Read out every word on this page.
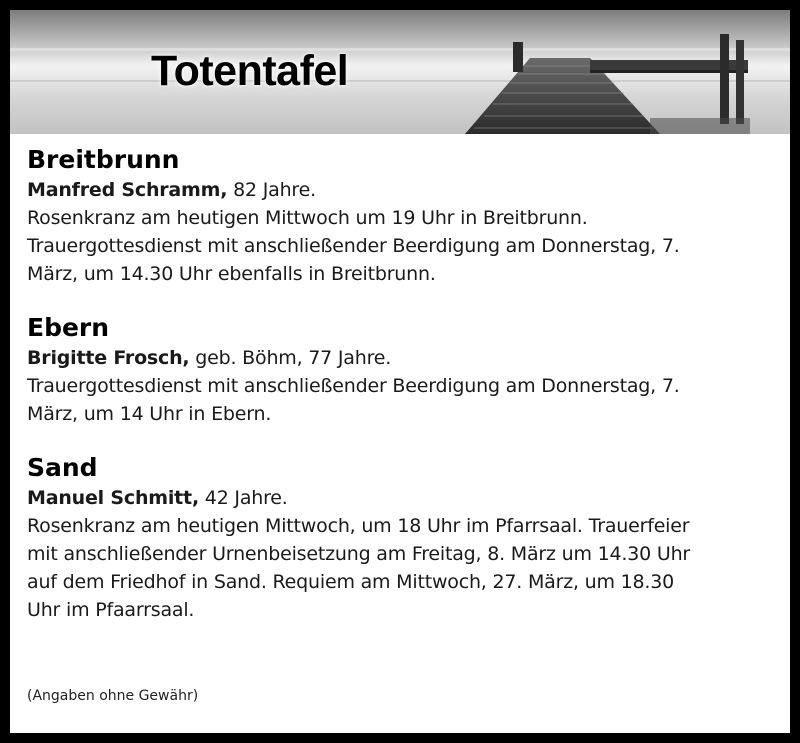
Totentafel
Breitbrunn

Manfred Schramm, 82 Jahre.

Rosenkranz am heutigen Mittwoch um 19 Uhr in Breitbrunn.

Trauergottesdienst mit anschließender Beerdigung am Donnerstag, 7.

März, um 14.30 Uhr ebenfalls in Breitbrunn.

Ebern

Brigitte Frosch, geb. Böhm, 77 Jahre.

Trauergottesdienst mit anschließender Beerdigung am Donnerstag, 7.

März, um 14 Uhr in Ebern.

Sand

Manuel Schmitt, 42 Jahre.

Rosenkranz am heutigen Mittwoch, um 18 Uhr im Pfarrsaal. Trauerfeier

mit anschließender Urnenbeisetzung am Freitag, 8. März um 14.30 Uhr

auf dem Friedhof in Sand. Requiem am Mittwoch, 27. März, um 18.30

Uhr im Pfaarrsaal.

(Angaben ohne Gewähr)
